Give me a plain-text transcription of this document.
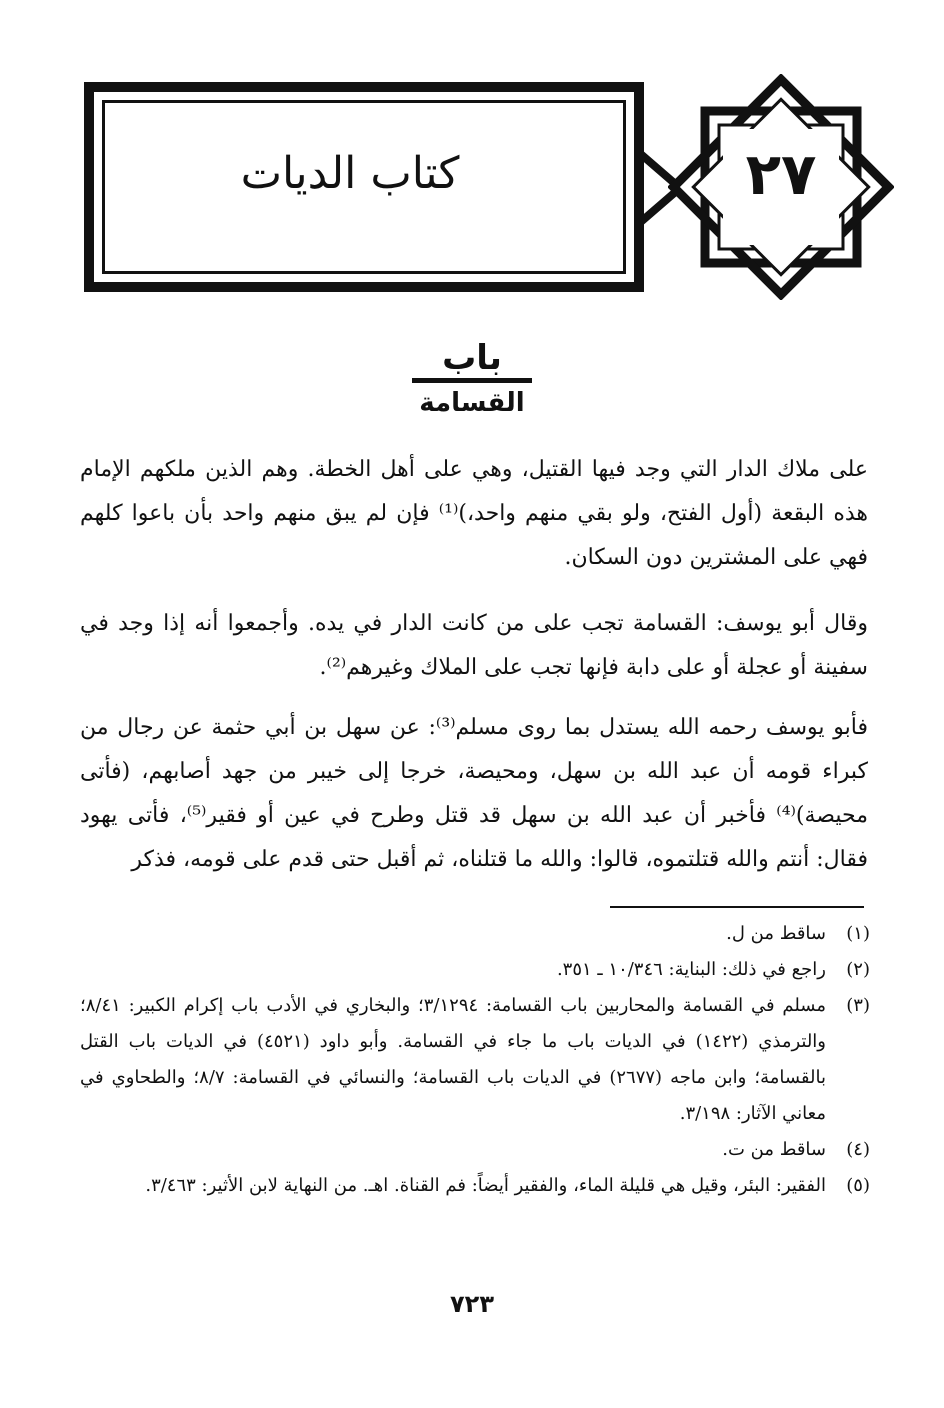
كتاب الديات	٢٧
باب
القسامة
على ملاك الدار التي وجد فيها القتيل، وهي على أهل الخطة. وهم الذين ملكهم الإمام هذه البقعة (أول الفتح، ولو بقي منهم واحد،)⁽¹⁾ فإن لم يبق منهم واحد بأن باعوا كلهم فهي على المشترين دون السكان.
وقال أبو يوسف: القسامة تجب على من كانت الدار في يده. وأجمعوا أنه إذا وجد في سفينة أو عجلة أو على دابة فإنها تجب على الملاك وغيرهم⁽²⁾.
فأبو يوسف رحمه الله يستدل بما روى مسلم⁽³⁾: عن سهل بن أبي حثمة عن رجال من كبراء قومه أن عبد الله بن سهل، ومحيصة، خرجا إلى خيبر من جهد أصابهم، (فأتى محيصة)⁽⁴⁾ فأخبر أن عبد الله بن سهل قد قتل وطرح في عين أو فقير⁽⁵⁾، فأتى يهود فقال: أنتم والله قتلتموه، قالوا: والله ما قتلناه، ثم أقبل حتى قدم على قومه، فذكر
(١)
ساقط من ل.
(٢)
راجع في ذلك: البناية: ١٠/٣٤٦ ـ ٣٥١.
(٣)
مسلم في القسامة والمحاربين باب القسامة: ٣/١٢٩٤؛ والبخاري في الأدب باب إكرام الكبير: ٨/٤١؛ والترمذي (١٤٢٢) في الديات باب ما جاء في القسامة. وأبو داود (٤٥٢١) في الديات باب القتل بالقسامة؛ وابن ماجه (٢٦٧٧) في الديات باب القسامة؛ والنسائي في القسامة: ٨/٧؛ والطحاوي في معاني الآثار: ٣/١٩٨.
(٤)
ساقط من ت.
(٥)
الفقير: البئر، وقيل هي قليلة الماء، والفقير أيضاً: فم القناة. اهـ. من النهاية لابن الأثير: ٣/٤٦٣.
٧٢٣
